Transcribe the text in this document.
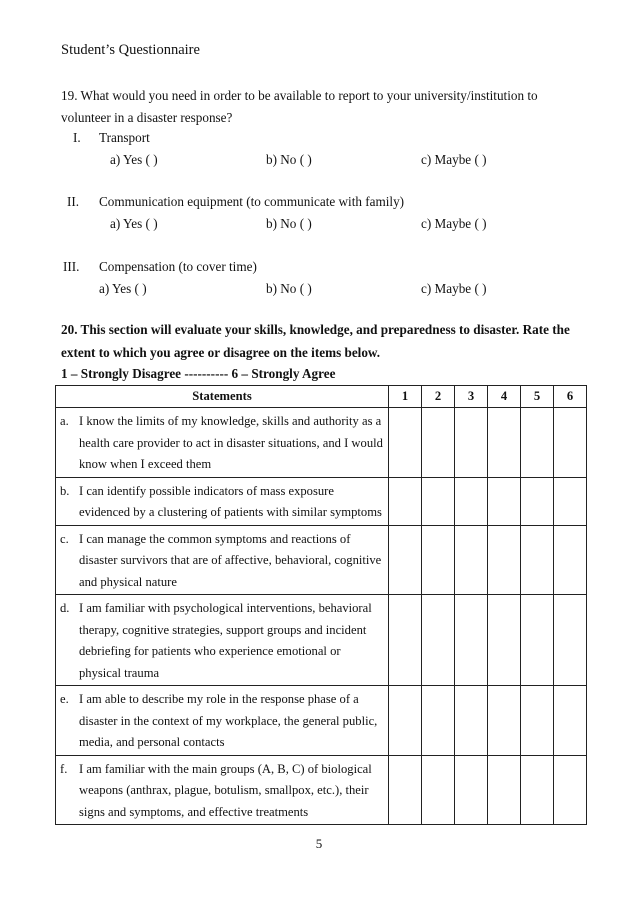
Student’s Questionnaire
19. What would you need in order to be available to report to your university/institution to
volunteer in a disaster response?
I. Transport
a) Yes ( )	b) No ( )	c) Maybe ( )
II. Communication equipment (to communicate with family)
a) Yes ( )	b) No ( )	c) Maybe ( )
III. Compensation (to cover time)
a) Yes ( )	b) No ( )	c) Maybe ( )
20. This section will evaluate your skills, knowledge, and preparedness to disaster. Rate the
extent to which you agree or disagree on the items below.
1 – Strongly Disagree ---------- 6 – Strongly Agree
Statements	1	2	3	4	5	6

a. I know the limits of my knowledge, skills and authority as a health care provider to act in disaster situations, and I would know when I exceed them						

b. I can identify possible indicators of mass exposure evidenced by a clustering of patients with similar symptoms						

c. I can manage the common symptoms and reactions of disaster survivors that are of affective, behavioral, cognitive and physical nature						

d. I am familiar with psychological interventions, behavioral therapy, cognitive strategies, support groups and incident debriefing for patients who experience emotional or physical trauma						

e. I am able to describe my role in the response phase of a disaster in the context of my workplace, the general public, media, and personal contacts						

f. I am familiar with the main groups (A, B, C) of biological weapons (anthrax, plague, botulism, smallpox, etc.), their signs and symptoms, and effective treatments						

5
